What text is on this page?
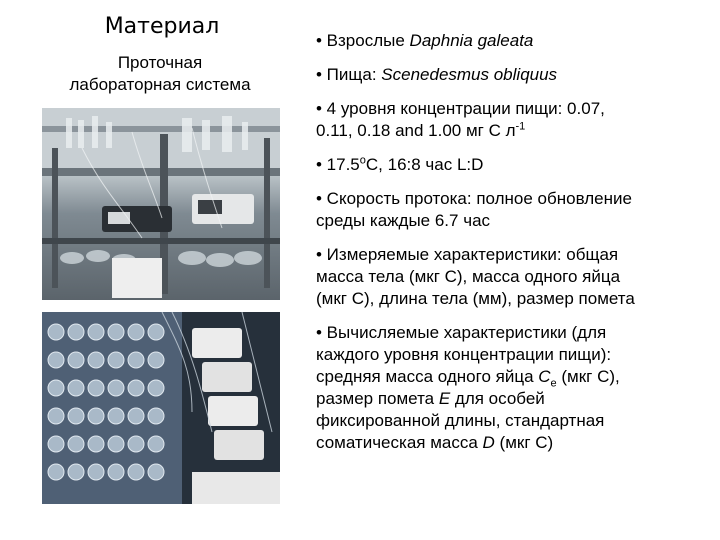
Материал
Проточная
лабораторная система
• Взрослые Daphnia galeata
• Пища: Scenedesmus obliquus
• 4 уровня концентрации пищи: 0.07,
0.11, 0.18 and 1.00 мг С $л^{-1}$
• $17.5^оС$, 16:8 час L:D
• Скорость протока: полное обновление
среды каждые 6.7 час
• Измеряемые характеристики: общая
масса тела (мкг С), масса одного яйца
(мкг С), длина тела (мм), размер помета
• Вычисляемые характеристики (для
каждого уровня концентрации пищи):
средняя масса одного яйца $C_e$ (мкг С),
размер помета E для особей
фиксированной длины, стандартная
соматическая масса D (мкг С)
